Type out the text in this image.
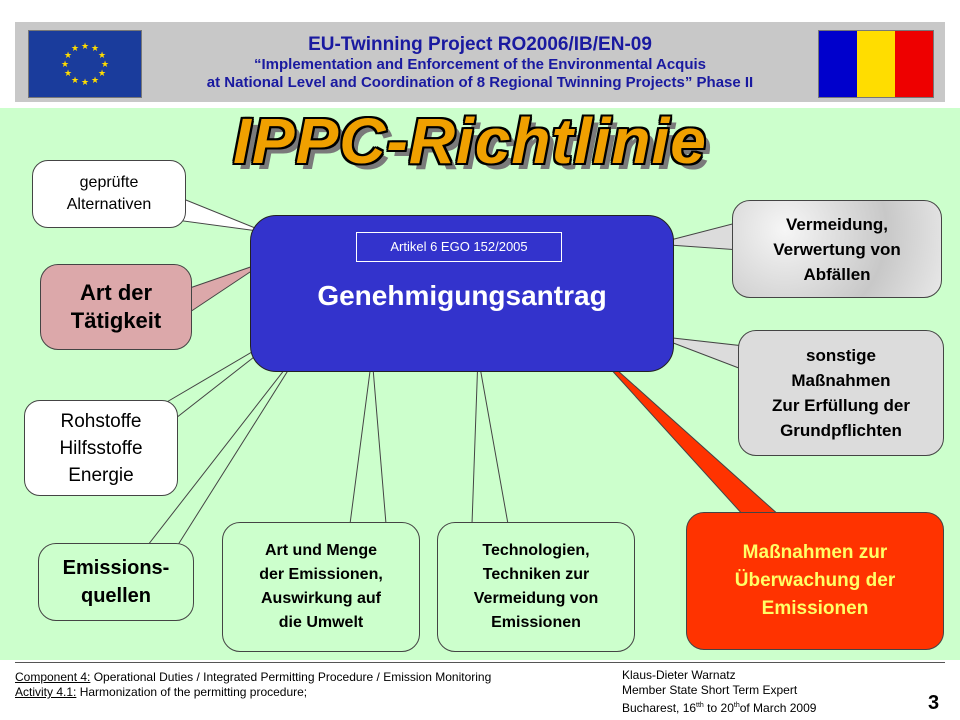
★ ★
★
★
★
★
★
★
★
★
★
★	EU-Twinning Project RO2006/IB/EN-09
“Implementation and Enforcement of the Environmental Acquis
at National Level and Coordination of 8 Regional Twinning Projects” Phase II
IPPC-Richtlinie
Artikel 6 EGO 152/2005
Genehmigungsantrag
geprüfte
Alternativen
Art der
Tätigkeit
Rohstoffe
Hilfsstoffe
Energie
Emissions-
quellen
Art und Menge
der Emissionen,
Auswirkung auf
die Umwelt
Technologien,
Techniken zur
Vermeidung von
Emissionen
Maßnahmen zur
Überwachung der
Emissionen
Vermeidung,
Verwertung von
Abfällen
sonstige
Maßnahmen
Zur Erfüllung der
Grundpflichten
Component 4: Operational Duties / Integrated Permitting Procedure / Emission Monitoring
Activity 4.1: Harmonization of the permitting procedure;
Klaus-Dieter Warnatz
Member State Short Term Expert
Bucharest, $16^{tth}$ to 20thof March 2009	3
